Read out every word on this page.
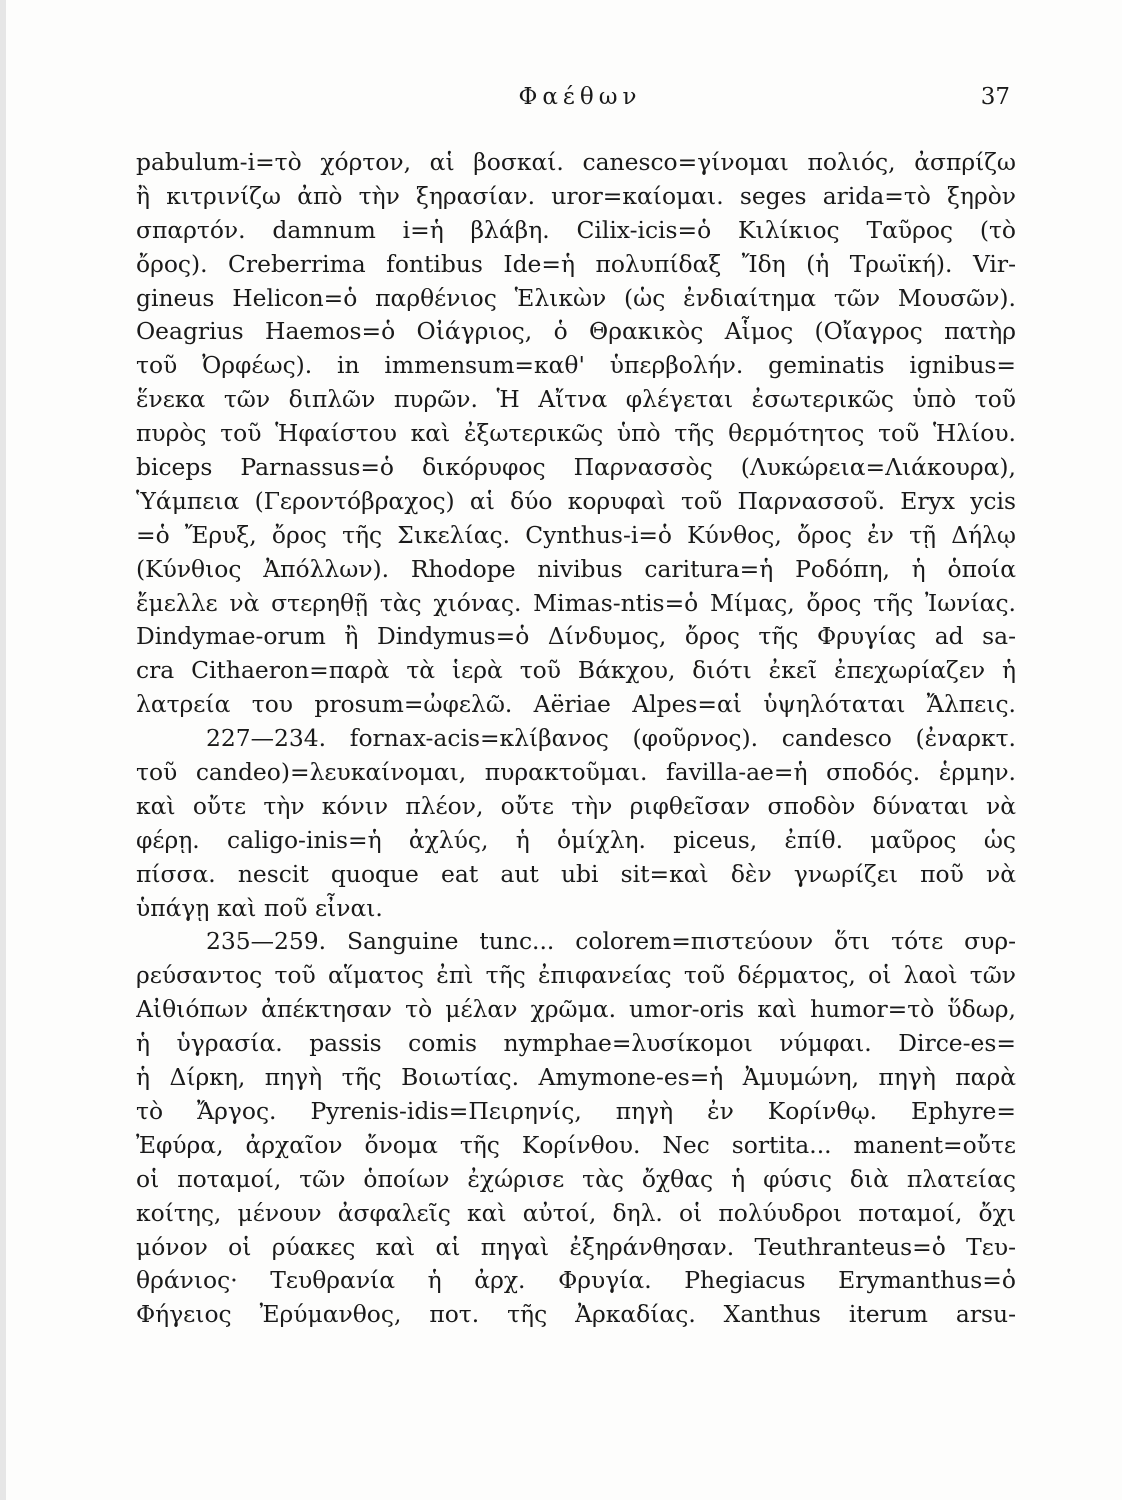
Φαέθων	37
pabulum-i=τὸ χόρτον, αἱ βοσκαί. canesco=γίνομαι πολιός, ἀσπρίζω
ἢ κιτρινίζω ἀπὸ τὴν ξηρασίαν. uror=καίομαι. seges arida=τὸ ξηρὸν
σπαρτόν. damnum i=ἡ βλάβη. Cilix-icis=ὁ Κιλίκιος Ταῦρος (τὸ
ὄρος). Creberrima fontibus Ide=ἡ πολυπίδαξ Ἴδη (ἡ Τρωϊκή). Vir-
gineus Helicon=ὁ παρθένιος Ἑλικὼν (ὡς ἐνδιαίτημα τῶν Μουσῶν).
Oeagrius Haemos=ὁ Οἰάγριος, ὁ Θρακικὸς Αἷμος (Οἴαγρος πατὴρ
τοῦ Ὀρφέως). in immensum=καθ' ὑπερβολήν. geminatis ignibus=
ἕνεκα τῶν διπλῶν πυρῶν. Ἡ Αἴτνα φλέγεται ἐσωτερικῶς ὑπὸ τοῦ
πυρὸς τοῦ Ἡφαίστου καὶ ἐξωτερικῶς ὑπὸ τῆς θερμότητος τοῦ Ἡλίου.
biceps Parnassus=ὁ δικόρυφος Παρνασσὸς (Λυκώρεια=Λιάκουρα),
Ὑάμπεια (Γεροντόβραχος) αἱ δύο κορυφαὶ τοῦ Παρνασσοῦ. Eryx ycis
=ὁ Ἔρυξ, ὄρος τῆς Σικελίας. Cynthus-i=ὁ Κύνθος, ὄρος ἐν τῇ Δήλῳ
(Κύνθιος Ἀπόλλων). Rhodope nivibus caritura=ἡ Ροδόπη, ἡ ὁποία
ἔμελλε νὰ στερηθῇ τὰς χιόνας. Mimas-ntis=ὁ Μίμας, ὄρος τῆς Ἰωνίας.
Dindymae-orum ἢ Dindymus=ὁ Δίνδυμος, ὄρος τῆς Φρυγίας ad sa-
cra Cithaeron=παρὰ τὰ ἱερὰ τοῦ Βάκχου, διότι ἐκεῖ ἐπεχωρίαζεν ἡ
λατρεία του prosum=ὠφελῶ. Aëriae Alpes=αἱ ὑψηλόταται Ἄλπεις.
227—234. fornax-acis=κλίβανος (φοῦρνος). candesco (ἐναρκτ.
τοῦ candeo)=λευκαίνομαι, πυρακτοῦμαι. favilla-ae=ἡ σποδός. ἑρμην.
καὶ οὔτε τὴν κόνιν πλέον, οὔτε τὴν ριφθεῖσαν σποδὸν δύναται νὰ
φέρῃ. caligo-inis=ἡ ἀχλύς, ἡ ὁμίχλη. piceus, ἐπίθ. μαῦρος ὡς
πίσσα. nescit quoque eat aut ubi sit=καὶ δὲν γνωρίζει ποῦ νὰ
ὑπάγῃ καὶ ποῦ εἶναι.
235—259. Sanguine tunc... colorem=πιστεύουν ὅτι τότε συρ-
ρεύσαντος τοῦ αἵματος ἐπὶ τῆς ἐπιφανείας τοῦ δέρματος, οἱ λαοὶ τῶν
Αἰθιόπων ἀπέκτησαν τὸ μέλαν χρῶμα. umor-oris καὶ humor=τὸ ὕδωρ,
ἡ ὑγρασία. passis comis nymphae=λυσίκομοι νύμφαι. Dirce-es=
ἡ Δίρκη, πηγὴ τῆς Βοιωτίας. Amymone-es=ἡ Ἀμυμώνη, πηγὴ παρὰ
τὸ Ἄργος. Pyrenis-idis=Πειρηνίς, πηγὴ ἐν Κορίνθῳ. Ephyre=
Ἐφύρα, ἀρχαῖον ὄνομα τῆς Κορίνθου. Nec sortita... manent=οὔτε
οἱ ποταμοί, τῶν ὁποίων ἐχώρισε τὰς ὄχθας ἡ φύσις διὰ πλατείας
κοίτης, μένουν ἀσφαλεῖς καὶ αὐτοί, δηλ. οἱ πολύυδροι ποταμοί, ὄχι
μόνον οἱ ρύακες καὶ αἱ πηγαὶ ἐξηράνθησαν. Teuthranteus=ὁ Τευ-
θράνιος· Τευθρανία ἡ ἀρχ. Φρυγία. Phegiacus Erymanthus=ὁ
Φήγειος Ἐρύμανθος, ποτ. τῆς Ἀρκαδίας. Xanthus iterum arsu-
